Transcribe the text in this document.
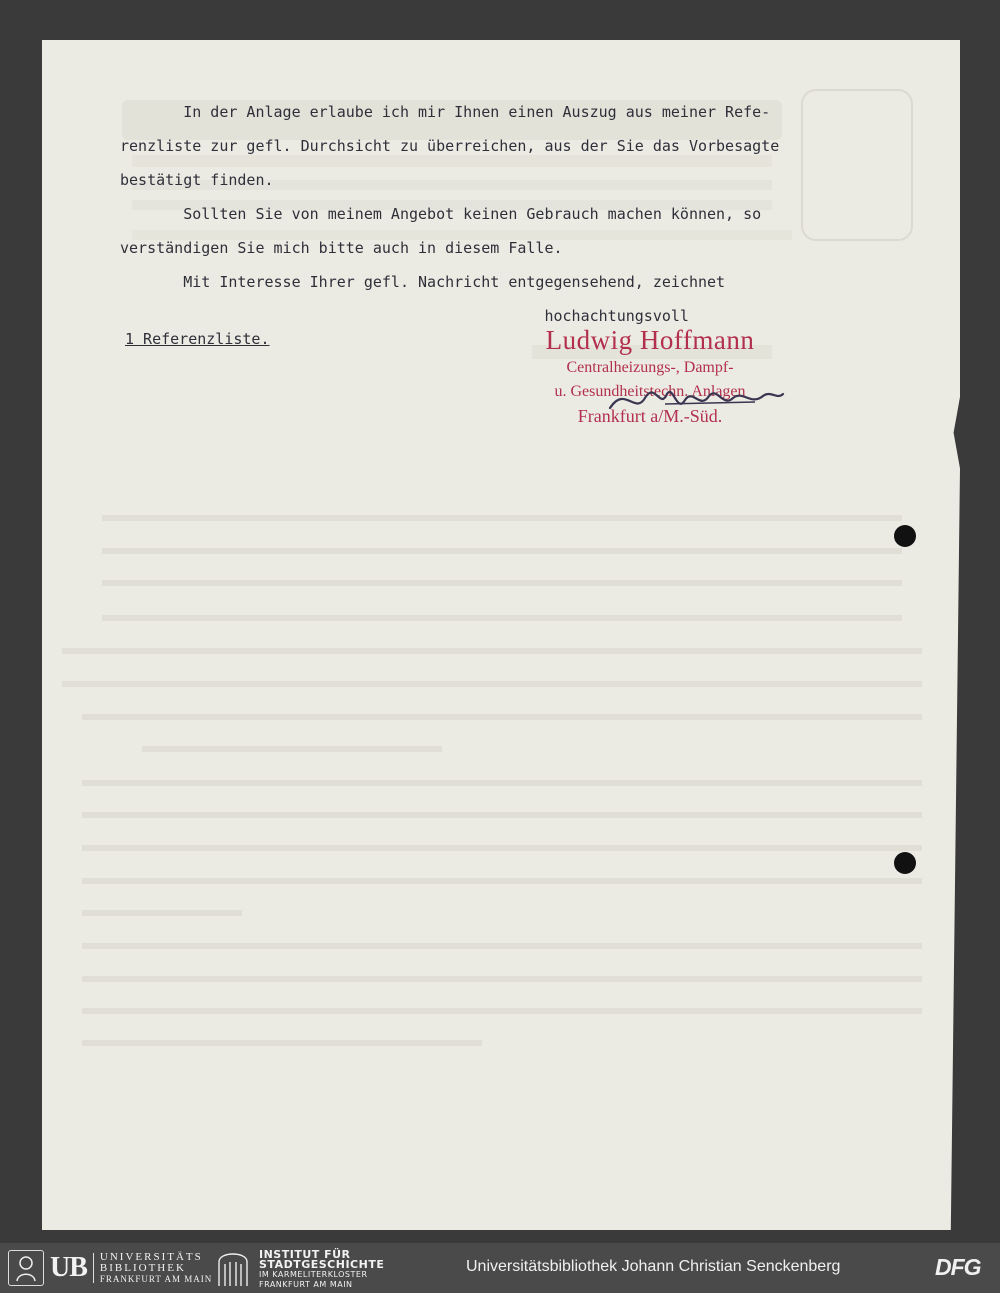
In der Anlage erlaube ich mir Ihnen einen Auszug aus meiner Refe-
renzliste zur gefl. Durchsicht zu überreichen, aus der Sie das Vorbesagte
bestätigt finden.
Sollten Sie von meinem Angebot keinen Gebrauch machen können, so
verständigen Sie mich bitte auch in diesem Falle.
Mit Interesse Ihrer gefl. Nachricht entgegensehend, zeichnet
hochachtungsvoll
1 Referenzliste.	Ludwig Hoffmann
Centralheizungs-, Dampf-
u. Gesundheitstechn. Anlagen
Frankfurt a/M.-Süd.
UB UNIVERSITÄTS
BIBLIOTHEK
FRANKFURT AM MAIN
INSTITUT FÜR
STADTGESCHICHTE
IM KARMELITERKLOSTER
FRANKFURT AM MAIN
Universitätsbibliothek Johann Christian Senckenberg	DFG
